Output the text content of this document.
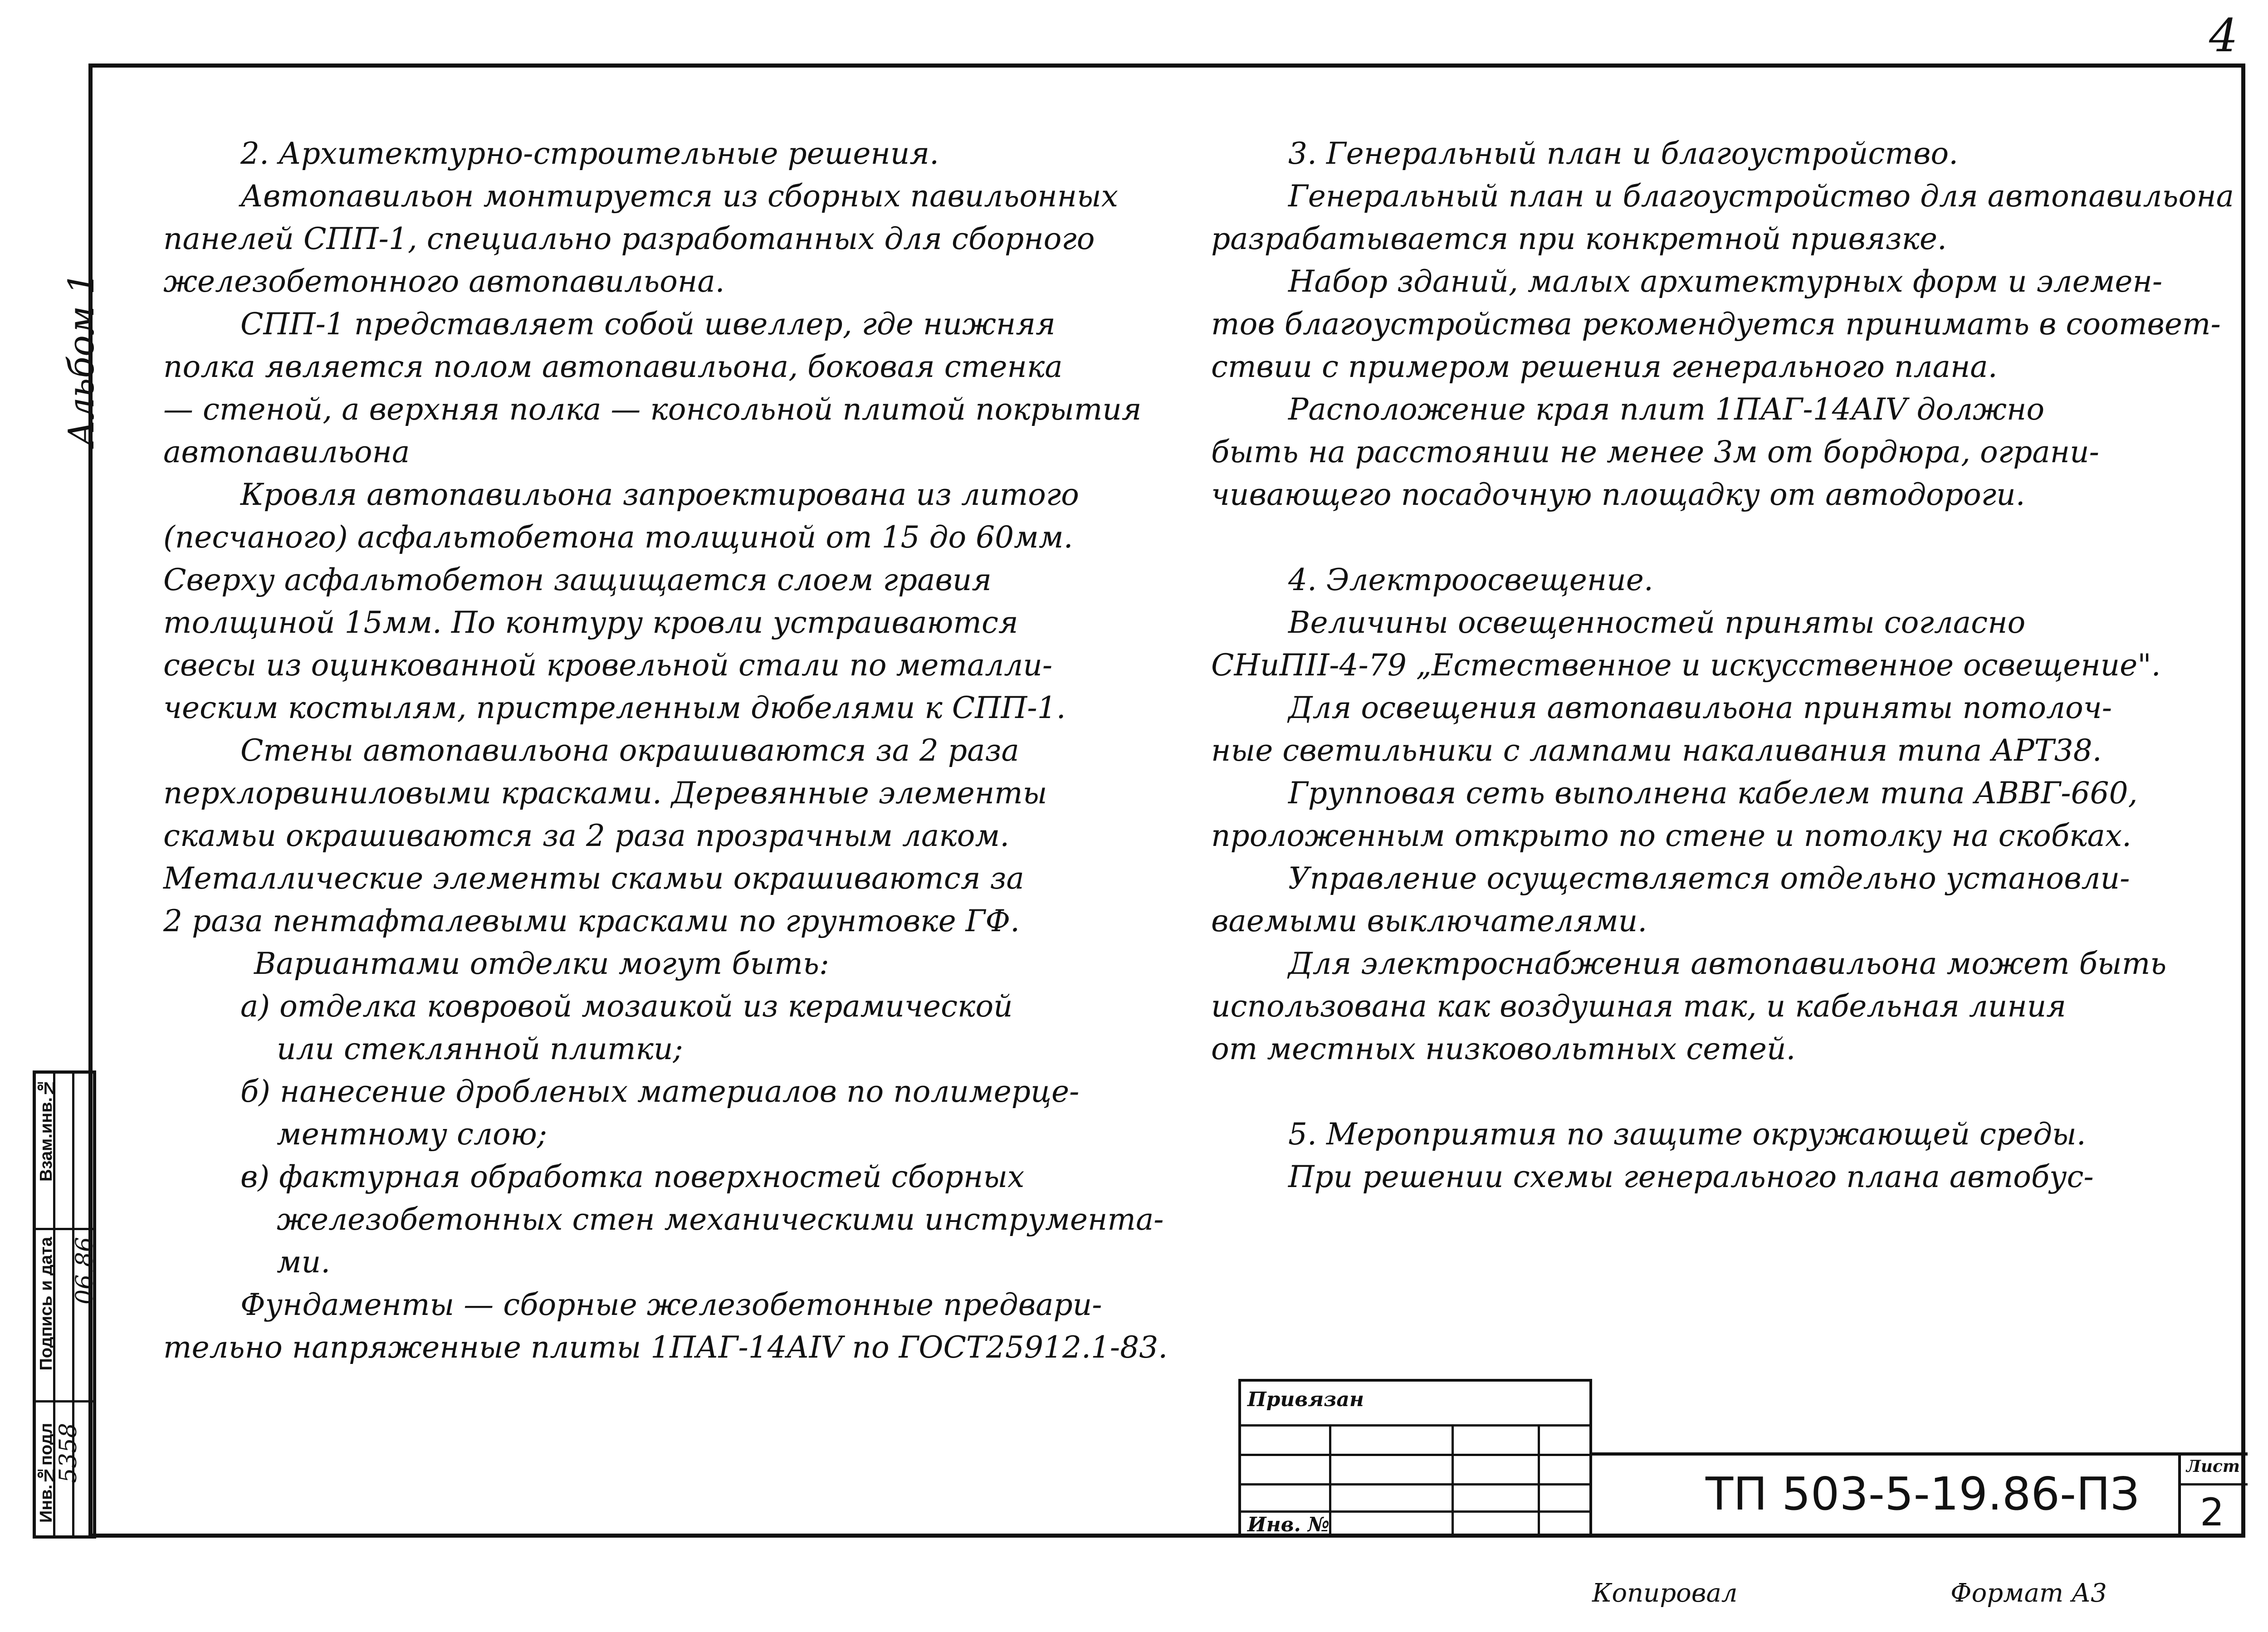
4
Альбом 1
Инв.№подл
Подпись и дата
Взам.инв.№
5358
06.86

2. Архитектурно-строительные решения.

Автопавильон монтируется из сборных павильонных

панелей СПП-1, специально разработанных для сборного

железобетонного автопавильона.

СПП-1 представляет собой швеллер, где нижняя

полка является полом автопавильона, боковая стенка

— стеной, а верхняя полка — консольной плитой покрытия

автопавильона

Кровля автопавильона запроектирована из литого

(песчаного) асфальтобетона толщиной от 15 до 60мм.

Сверху асфальтобетон защищается слоем гравия

толщиной 15мм. По контуру кровли устраиваются

свесы из оцинкованной кровельной стали по металли-

ческим костылям, пристреленным дюбелями к СПП-1.

Стены автопавильона окрашиваются за 2 раза

перхлорвиниловыми красками. Деревянные элементы

скамьи окрашиваются за 2 раза прозрачным лаком.

Металлические элементы скамьи окрашиваются за

2 раза пентафталевыми красками по грунтовке ГФ.

Вариантами отделки могут быть:

а) отделка ковровой мозаикой из керамической

или стеклянной плитки;

б) нанесение дробленых материалов по полимерце-

ментному слою;

в) фактурная обработка поверхностей сборных

железобетонных стен механическими инструмента-

ми.

Фундаменты — сборные железобетонные предвари-

тельно напряженные плиты 1ПАГ-14АIV по ГОСТ25912.1-83.

3. Генеральный план и благоустройство.

Генеральный план и благоустройство для автопавильона

разрабатывается при конкретной привязке.

Набор зданий, малых архитектурных форм и элемен-

тов благоустройства рекомендуется принимать в соответ-

ствии с примером решения генерального плана.

Расположение края плит 1ПАГ-14АIV должно

быть на расстоянии не менее 3м от бордюра, ограни-

чивающего посадочную площадку от автодороги.

4. Электроосвещение.

Величины освещенностей приняты согласно

СНиПII-4-79 „Естественное и искусственное освещение".

Для освещения автопавильона приняты потолоч-

ные светильники с лампами накаливания типа АРТ38.

Групповая сеть выполнена кабелем типа АВВГ-660,

проложенным открыто по стене и потолку на скобках.

Управление осуществляется отдельно установли-

ваемыми выключателями.

Для электроснабжения автопавильона может быть

использована как воздушная так, и кабельная линия

от местных низковольтных сетей.

5. Мероприятия по защите окружающей среды.

При решении схемы генерального плана автобус-

Привязан
Инв. №
ТП 503-5-19.86-ПЗ
Лист
2
Копировал	Формат А3
